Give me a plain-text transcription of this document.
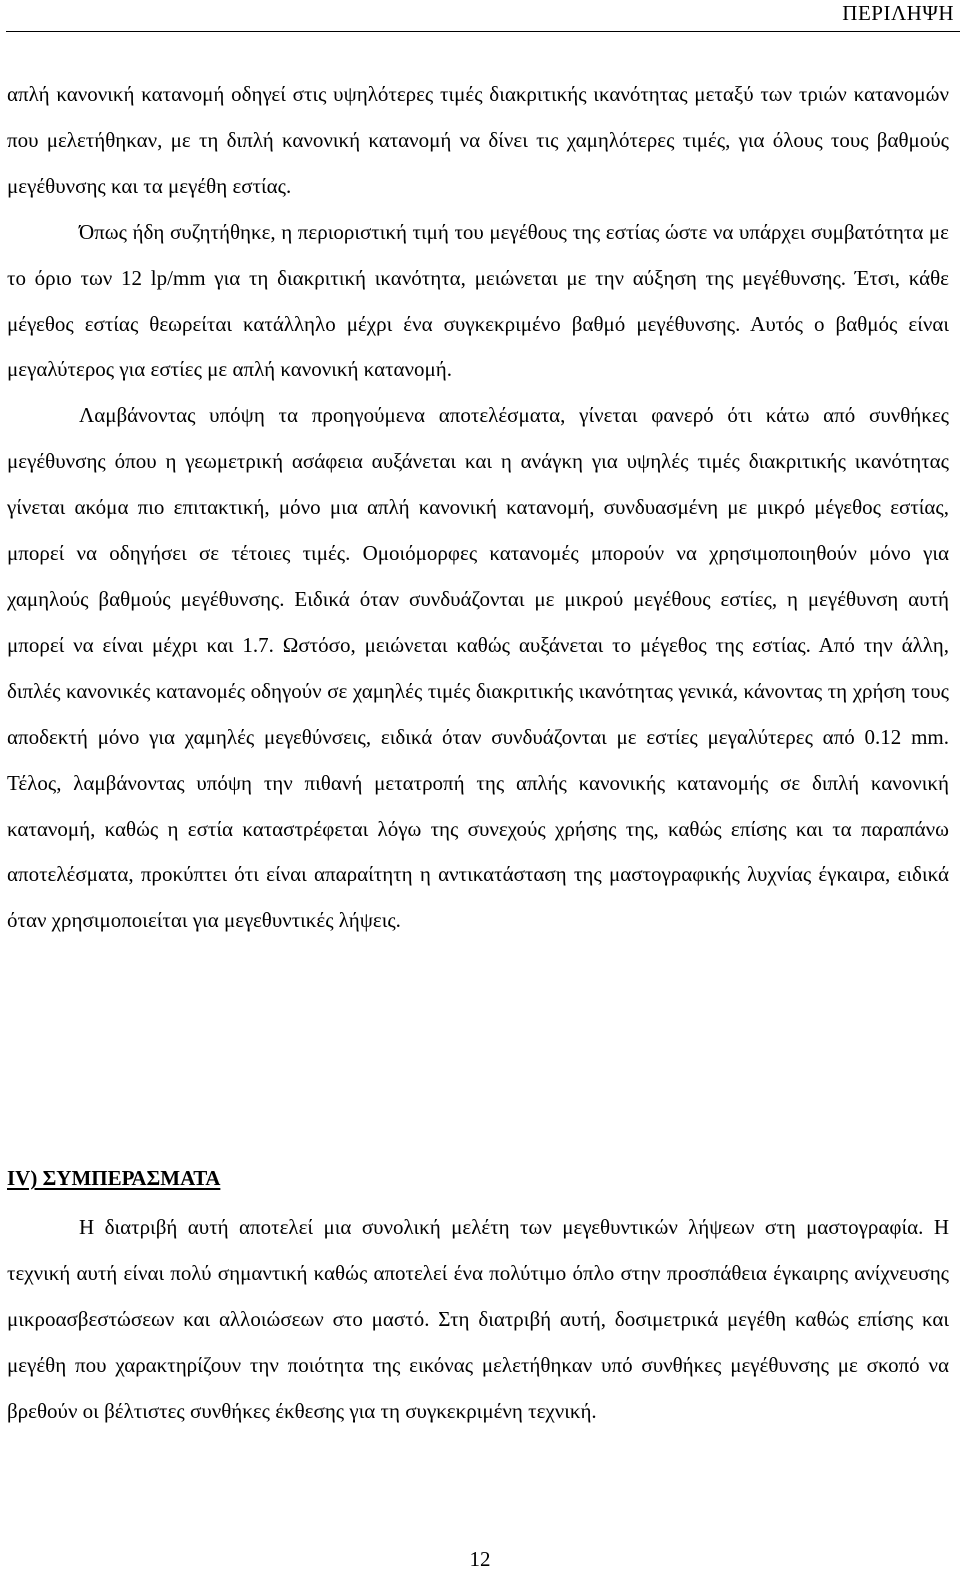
ΠΕΡΙΛΗΨΗ

απλή κανονική κατανομή οδηγεί στις υψηλότερες τιμές διακριτικής ικανότητας μεταξύ των τριών κατανομών που μελετήθηκαν, με τη διπλή κανονική κατανομή να δίνει τις χαμηλότερες τιμές, για όλους τους βαθμούς μεγέθυνσης και τα μεγέθη εστίας.

Όπως ήδη συζητήθηκε, η περιοριστική τιμή του μεγέθους της εστίας ώστε να υπάρχει συμβατότητα με το όριο των 12 lp/mm για τη διακριτική ικανότητα, μειώνεται με την αύξηση της μεγέθυνσης. Έτσι, κάθε μέγεθος εστίας θεωρείται κατάλληλο μέχρι ένα συγκεκριμένο βαθμό μεγέθυνσης. Αυτός ο βαθμός είναι μεγαλύτερος για εστίες με απλή κανονική κατανομή.

Λαμβάνοντας υπόψη τα προηγούμενα αποτελέσματα, γίνεται φανερό ότι κάτω από συνθήκες μεγέθυνσης όπου η γεωμετρική ασάφεια αυξάνεται και η ανάγκη για υψηλές τιμές διακριτικής ικανότητας γίνεται ακόμα πιο επιτακτική, μόνο μια απλή κανονική κατανομή, συνδυασμένη με μικρό μέγεθος εστίας, μπορεί να οδηγήσει σε τέτοιες τιμές. Ομοιόμορφες κατανομές μπορούν να χρησιμοποιηθούν μόνο για χαμηλούς βαθμούς μεγέθυνσης. Ειδικά όταν συνδυάζονται με μικρού μεγέθους εστίες, η μεγέθυνση αυτή μπορεί να είναι μέχρι και 1.7. Ωστόσο, μειώνεται καθώς αυξάνεται το μέγεθος της εστίας. Από την άλλη, διπλές κανονικές κατανομές οδηγούν σε χαμηλές τιμές διακριτικής ικανότητας γενικά, κάνοντας τη χρήση τους αποδεκτή μόνο για χαμηλές μεγεθύνσεις, ειδικά όταν συνδυάζονται με εστίες μεγαλύτερες από 0.12 mm. Τέλος, λαμβάνοντας υπόψη την πιθανή μετατροπή της απλής κανονικής κατανομής σε διπλή κανονική κατανομή, καθώς η εστία καταστρέφεται λόγω της συνεχούς χρήσης της, καθώς επίσης και τα παραπάνω αποτελέσματα, προκύπτει ότι είναι απαραίτητη η αντικατάσταση της μαστογραφικής λυχνίας έγκαιρα, ειδικά όταν χρησιμοποιείται για μεγεθυντικές λήψεις.

IV) ΣΥΜΠΕΡΑΣΜΑΤΑ

Η διατριβή αυτή αποτελεί μια συνολική μελέτη των μεγεθυντικών λήψεων στη μαστογραφία. Η τεχνική αυτή είναι πολύ σημαντική καθώς αποτελεί ένα πολύτιμο όπλο στην προσπάθεια έγκαιρης ανίχνευσης μικροασβεστώσεων και αλλοιώσεων στο μαστό. Στη διατριβή αυτή, δοσιμετρικά μεγέθη καθώς επίσης και μεγέθη που χαρακτηρίζουν την ποιότητα της εικόνας μελετήθηκαν υπό συνθήκες μεγέθυνσης με σκοπό να βρεθούν οι βέλτιστες συνθήκες έκθεσης για τη συγκεκριμένη τεχνική.

12
